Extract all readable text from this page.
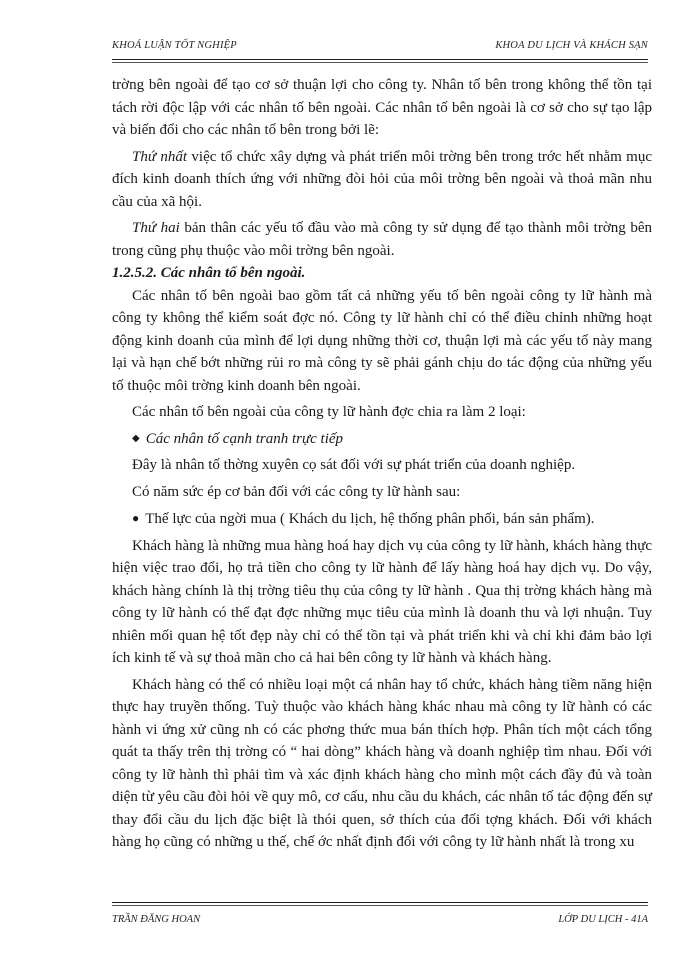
KHOÁ LUẬN TỐT NGHIỆP	KHOA DU LỊCH VÀ KHÁCH SẠN

trờng bên ngoài để tạo cơ sở thuận lợi cho công ty. Nhân tố bên trong không thể tồn tại tách rời độc lập với các nhân tố bên ngoài. Các nhân tố bên ngoài là cơ sở cho sự tạo lập và biến đổi cho các nhân tố bên trong bởi lẽ:

Thứ nhất việc tổ chức xây dựng và phát triển môi trờng bên trong trớc hết nhằm mục đích kinh doanh thích ứng với những đòi hỏi của môi trờng bên ngoài và thoả mãn nhu cầu của xã hội.

Thứ hai bản thân các yếu tố đầu vào mà công ty sử dụng để tạo thành môi trờng bên trong cũng phụ thuộc vào môi trờng bên ngoài.

1.2.5.2. Các nhân tố bên ngoài.

Các nhân tố bên ngoài bao gồm tất cả những yếu tố bên ngoài công ty lữ hành mà công ty không thể kiểm soát đợc nó. Công ty lữ hành chỉ có thể điều chỉnh những hoạt động kinh doanh của mình để lợi dụng những thời cơ, thuận lợi mà các yếu tố này mang lại và hạn chế bớt những rủi ro mà công ty sẽ phải gánh chịu do tác động của những yếu tố thuộc môi trờng kinh doanh bên ngoài.

Các nhân tố bên ngoài của công ty lữ hành đợc chia ra làm 2 loại:

◆ Các nhân tố cạnh tranh trực tiếp

Đây là nhân tố thờng xuyên cọ sát đối với sự phát triển của doanh nghiệp.

Có năm sức ép cơ bản đối với các công ty lữ hành sau:

● Thế lực của ngời mua ( Khách du lịch, hệ thống phân phối, bán sản phẩm).

Khách hàng là những mua hàng hoá hay dịch vụ của công ty lữ hành, khách hàng thực hiện việc trao đổi, họ trả tiền cho công ty lữ hành để lấy hàng hoá hay dịch vụ. Do vậy, khách hàng chính là thị trờng tiêu thụ của công ty lữ hành . Qua thị trờng khách hàng mà công ty lữ hành có thể đạt đợc những mục tiêu của mình là doanh thu và lợi nhuận. Tuy nhiên mối quan hệ tốt đẹp này chỉ có thể tồn tại và phát triển khi và chỉ khi đảm bảo lợi ích kinh tế và sự thoả mãn cho cả hai bên công ty lữ hành và khách hàng.

Khách hàng có thể có nhiều loại một cá nhân hay tổ chức, khách hàng tiềm năng hiện thực hay truyền thống. Tuỳ thuộc vào khách hàng khác nhau mà công ty lữ hành có các hành vi ứng xử cũng nh có các phơng thức mua bán thích hợp. Phân tích một cách tổng quát ta thấy trên thị trờng có “ hai dòng” khách hàng và doanh nghiệp tìm nhau. Đối với công ty lữ hành thì phải tìm và xác định khách hàng cho mình một cách đầy đủ và toàn diện từ yêu cầu đòi hỏi về quy mô, cơ cấu, nhu cầu du khách, các nhân tố tác động đến sự thay đổi cầu du lịch đặc biệt là thói quen, sở thích của đối tợng khách. Đối với khách hàng họ cũng có những u thế, chế ớc nhất định đối với công ty lữ hành nhất là trong xu

TRẦN ĐĂNG HOAN	LỚP DU LỊCH - 41A
